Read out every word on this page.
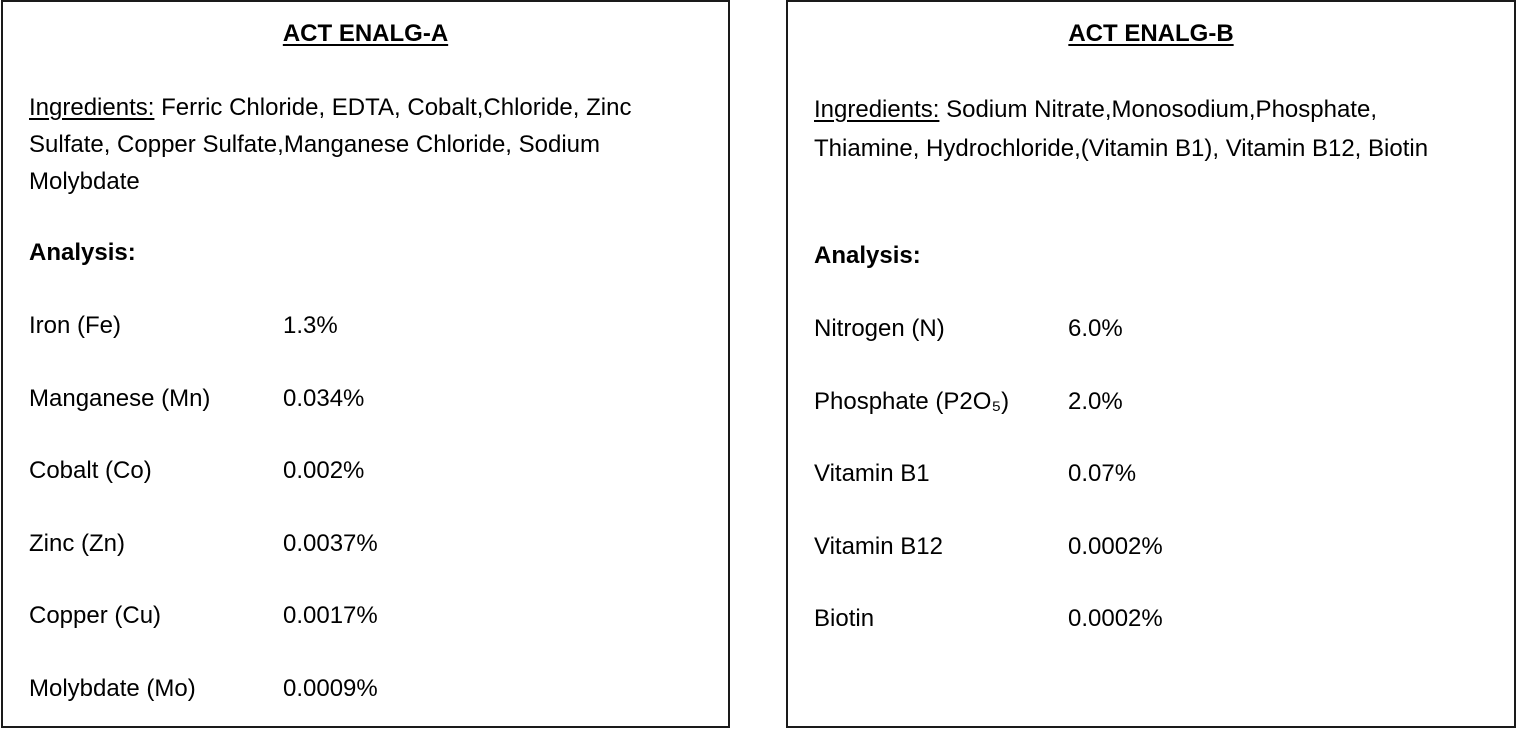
ACT ENALG-A

Ingredients: Ferric Chloride, EDTA, Cobalt,Chloride, Zinc Sulfate, Copper Sulfate,Manganese Chloride, Sodium Molybdate

Analysis:
Iron (Fe)	1.3%
Manganese (Mn)	0.034%
Cobalt (Co)	0.002%
Zinc (Zn)	0.0037%
Copper (Cu)	0.0017%
Molybdate (Mo)	0.0009%
ACT ENALG-B

Ingredients: Sodium Nitrate,Monosodium,Phosphate, Thiamine, Hydrochloride,(Vitamin B1), Vitamin B12, Biotin

Analysis:
Nitrogen (N)	6.0%
Phosphate (P2O₅) 2.0%
Vitamin B1	0.07%
Vitamin B12	0.0002%
Biotin	0.0002%
